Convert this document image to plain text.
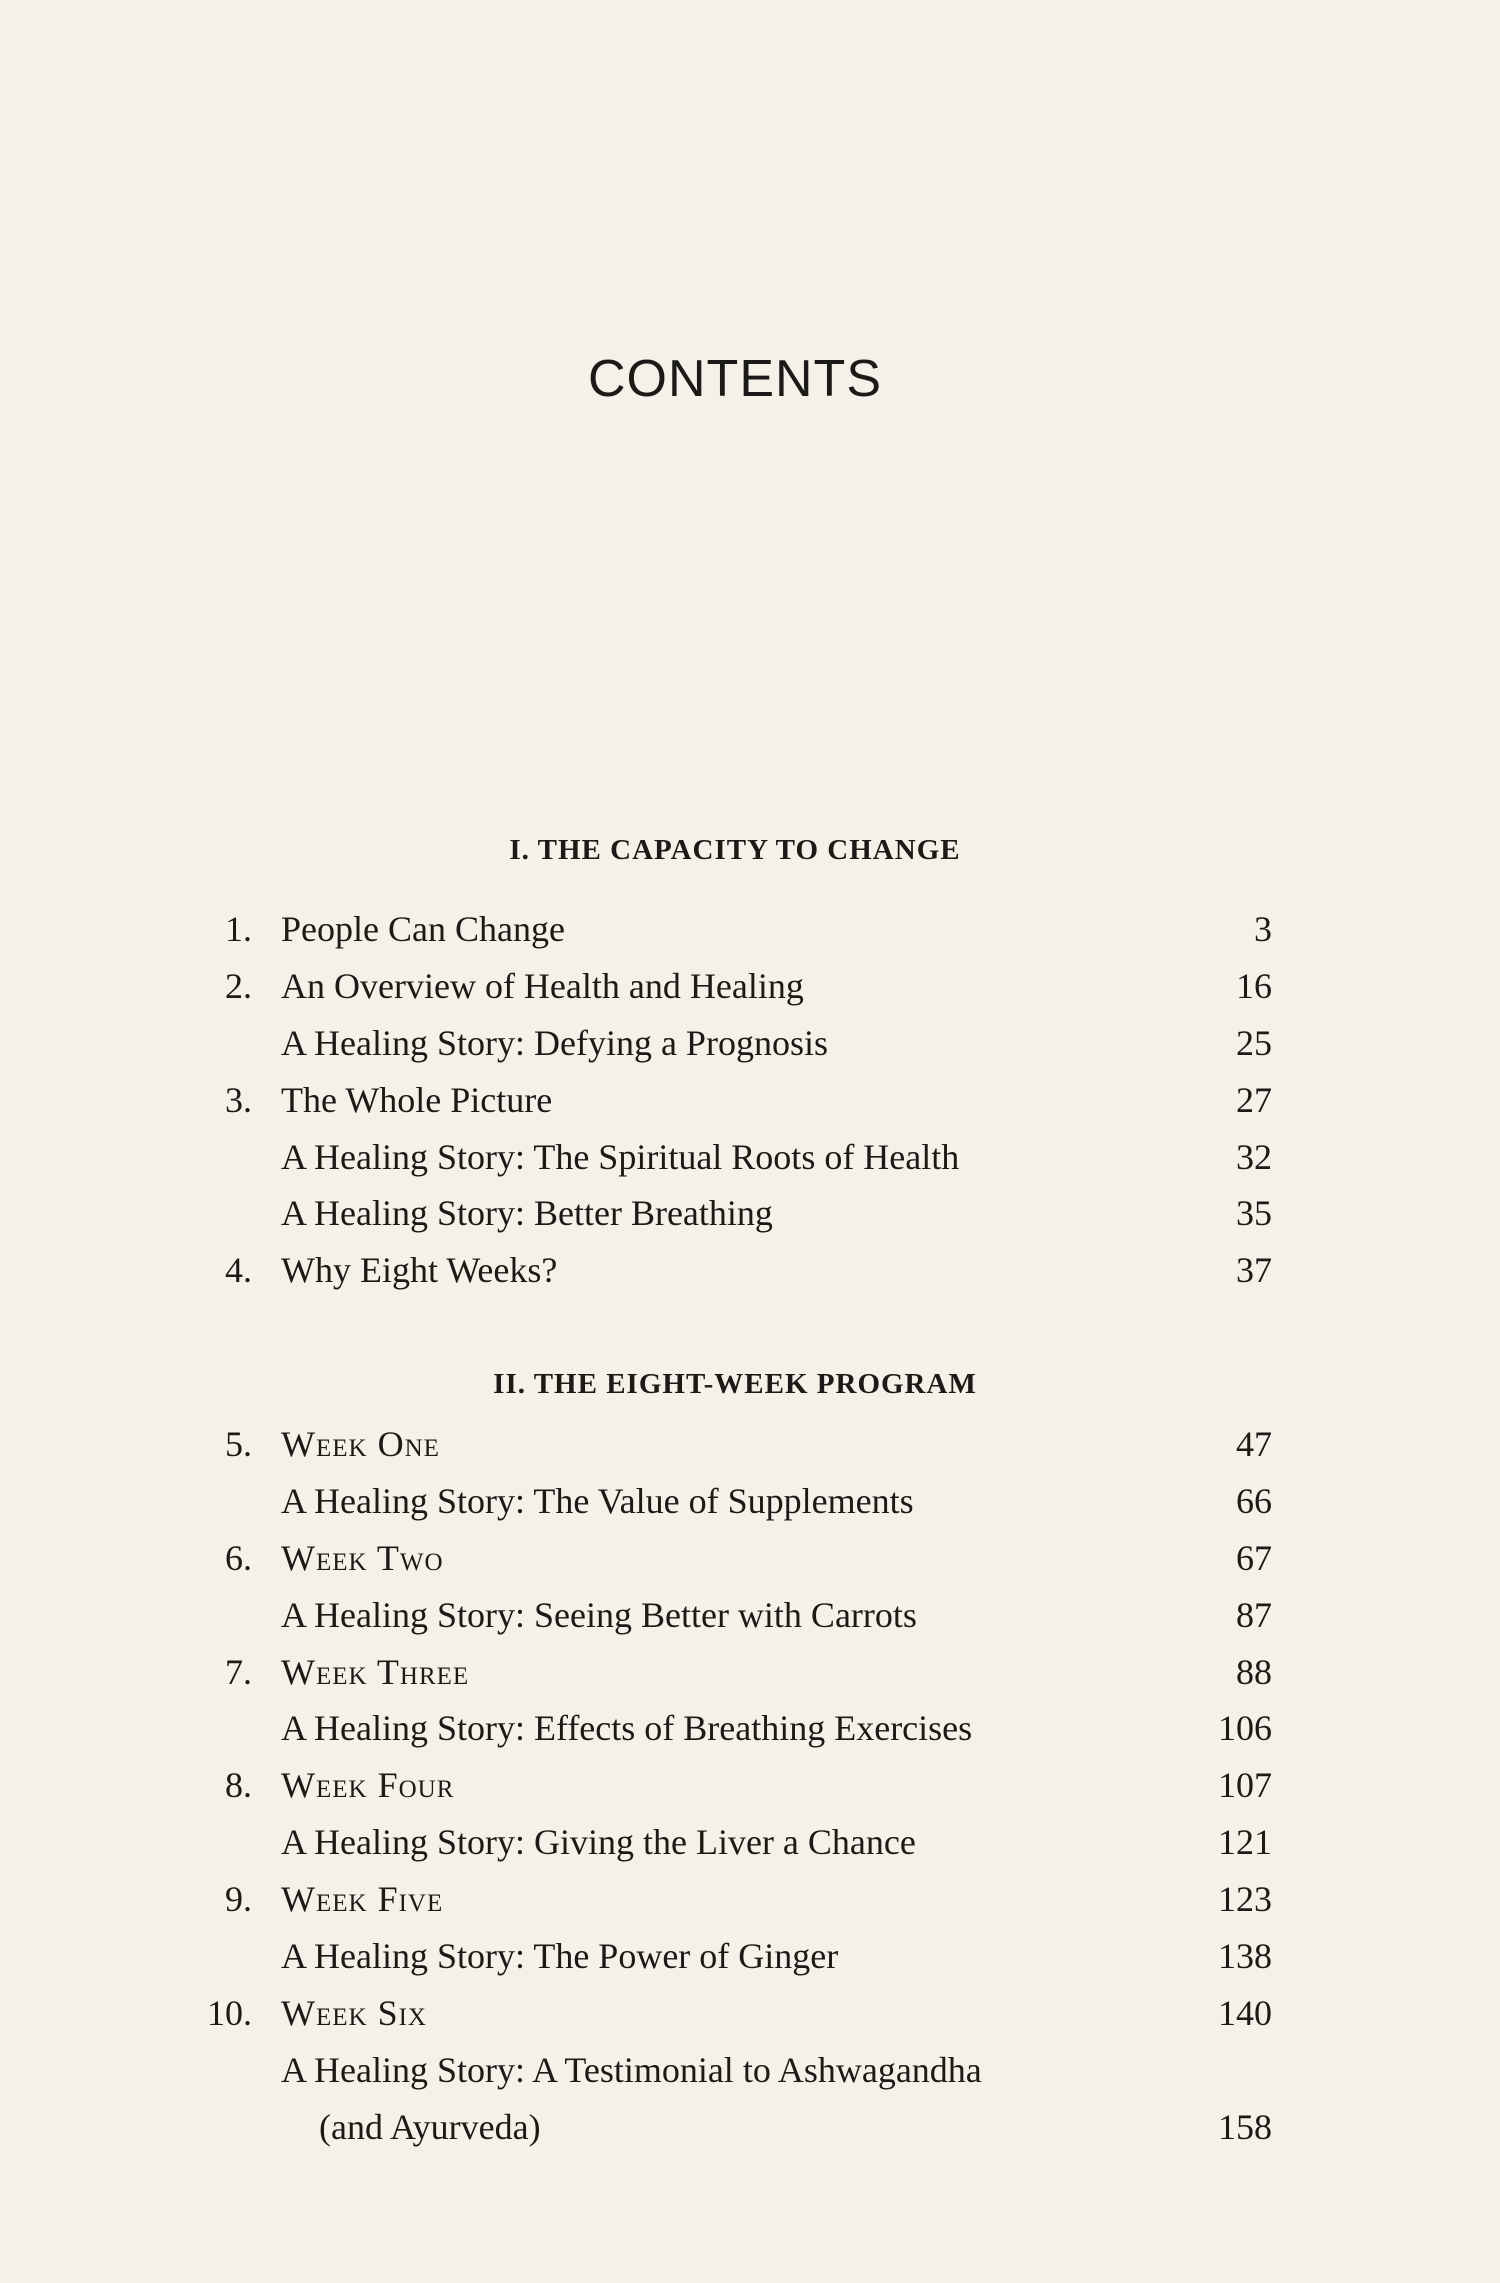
CONTENTS
I. THE CAPACITY TO CHANGE
1. People Can Change	3
2. An Overview of Health and Healing	16
A Healing Story: Defying a Prognosis	25
3. The Whole Picture	27
A Healing Story: The Spiritual Roots of Health	32
A Healing Story: Better Breathing	35
4. Why Eight Weeks?	37
II. THE EIGHT-WEEK PROGRAM
5. Week One	47
A Healing Story: The Value of Supplements	66
6. Week Two	67
A Healing Story: Seeing Better with Carrots	87
7. Week Three	88
A Healing Story: Effects of Breathing Exercises	106
8. Week Four	107
A Healing Story: Giving the Liver a Chance	121
9. Week Five	123
A Healing Story: The Power of Ginger	138
10. Week Six	140
A Healing Story: A Testimonial to Ashwagandha
(and Ayurveda)	158
